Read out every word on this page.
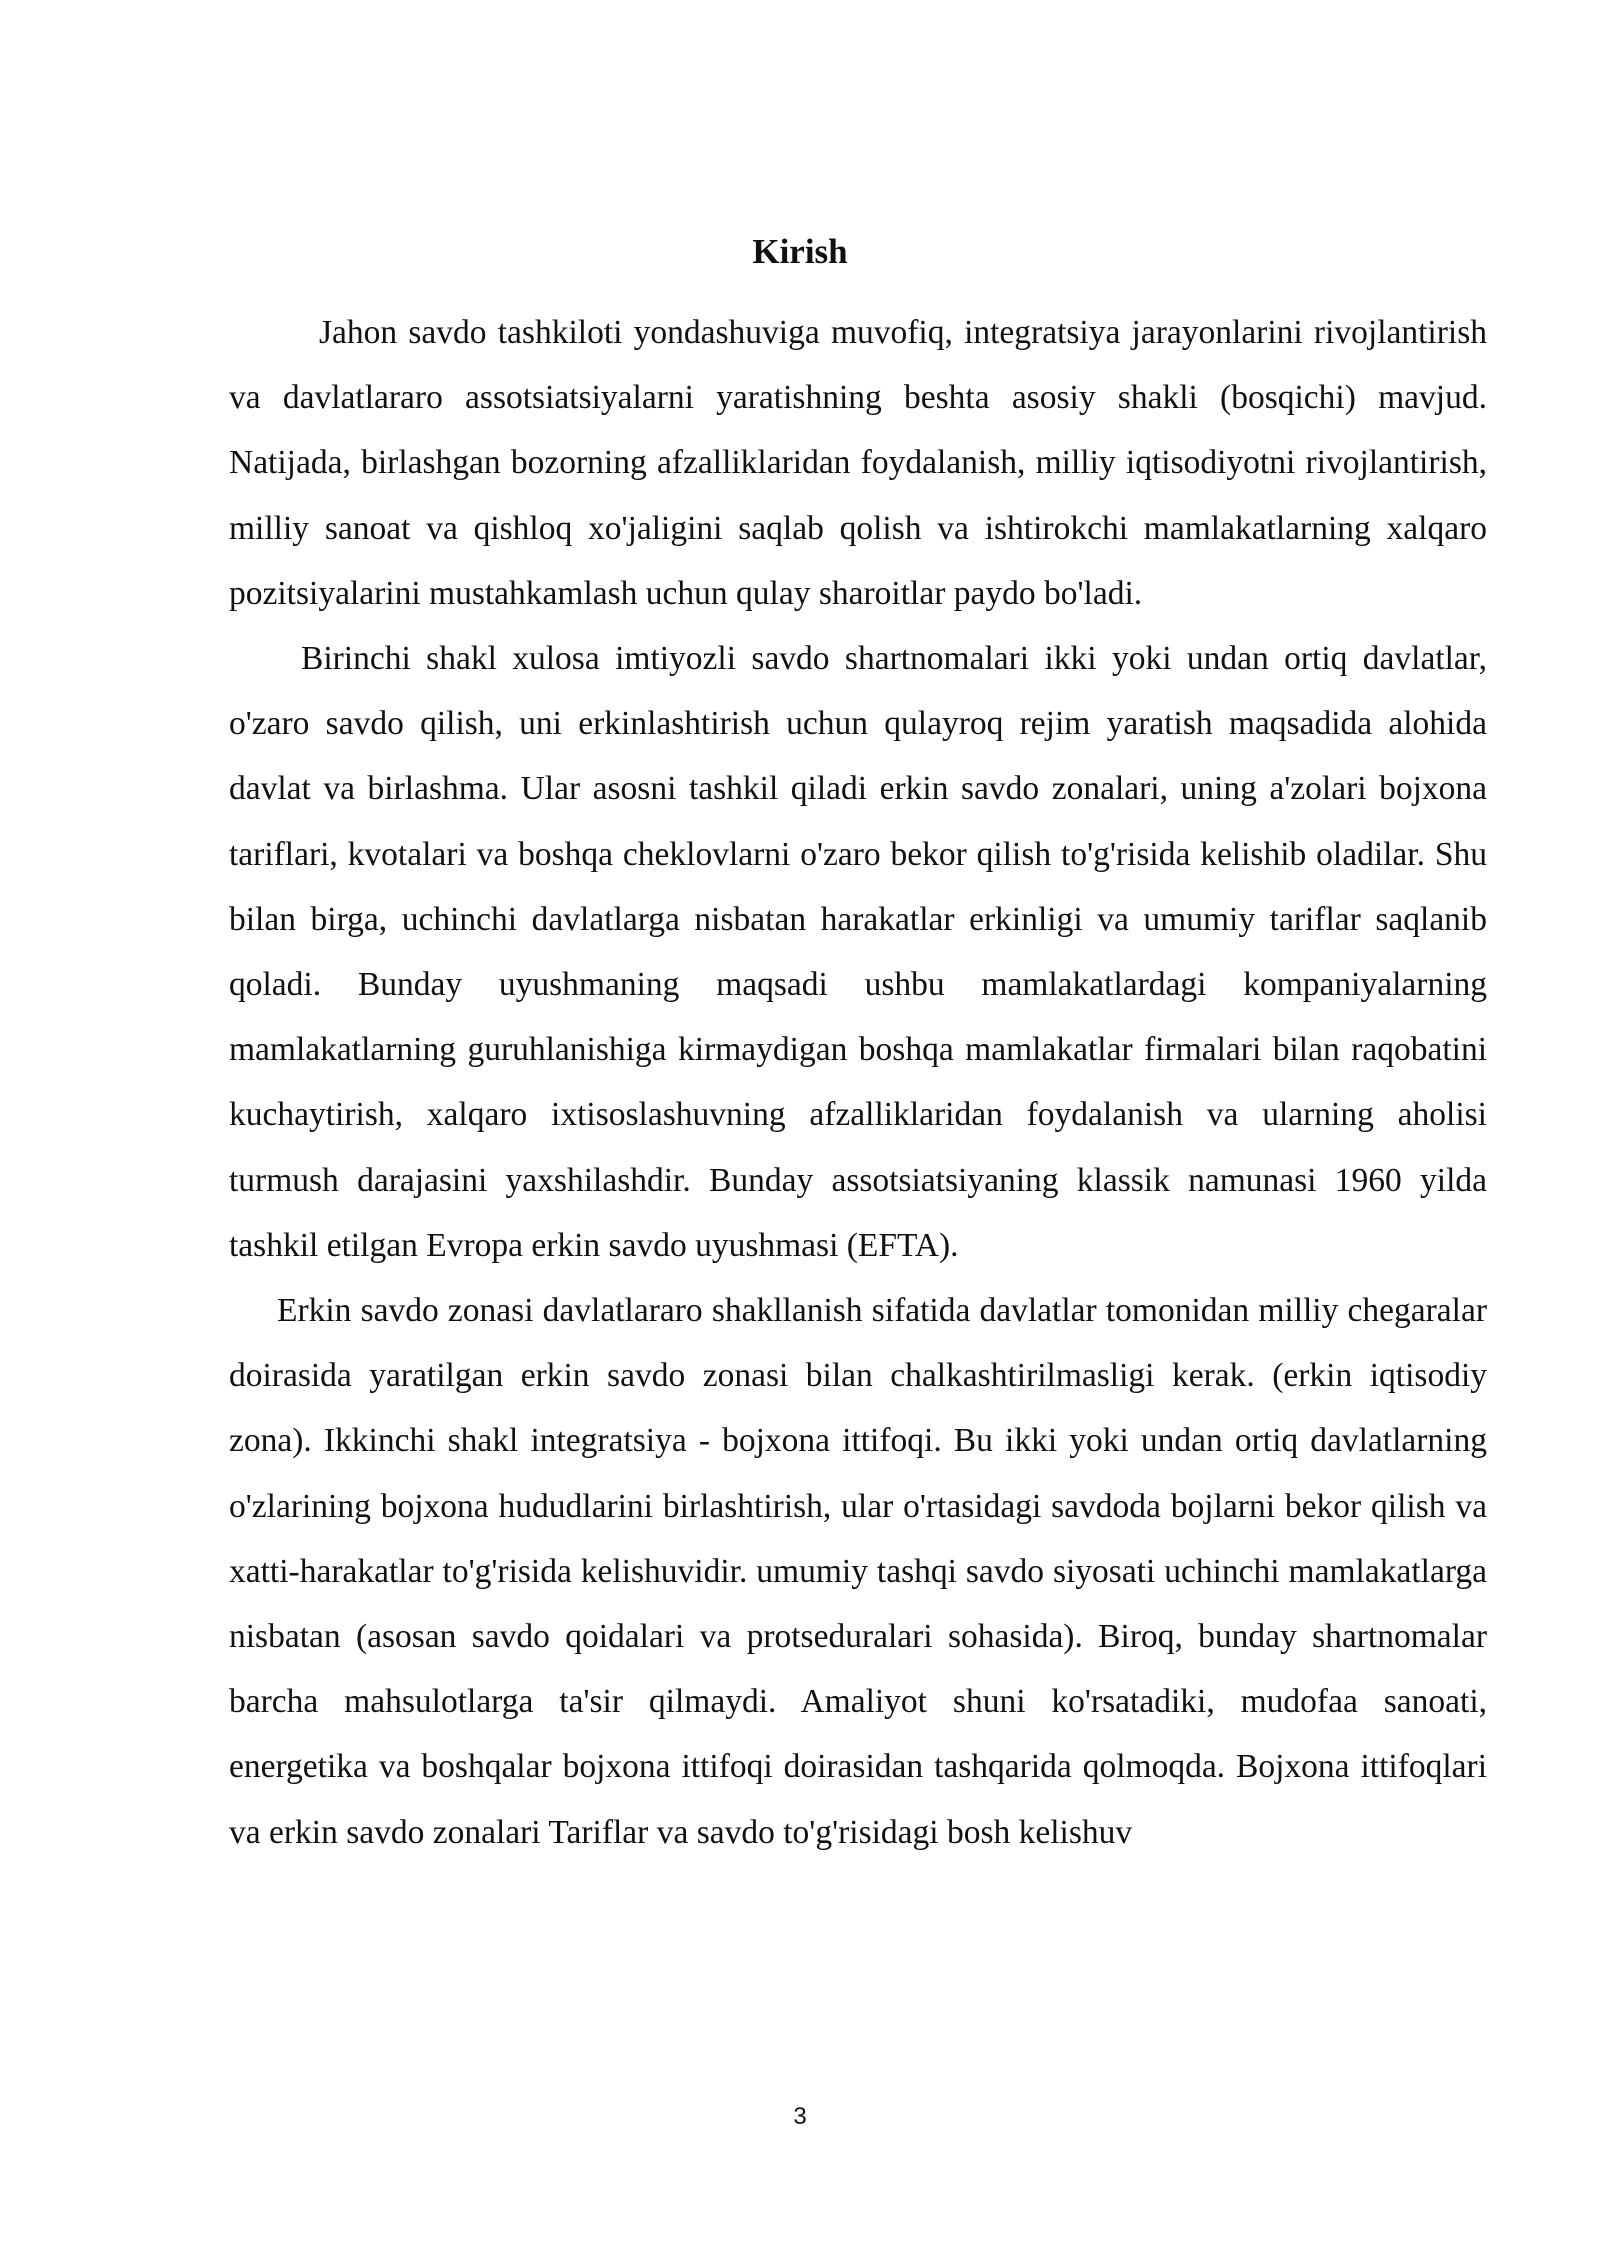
Kirish

Jahon savdo tashkiloti yondashuviga muvofiq, integratsiya jarayonlarini rivojlantirish va davlatlararo assotsiatsiyalarni yaratishning beshta asosiy shakli (bosqichi) mavjud. Natijada, birlashgan bozorning afzalliklaridan foydalanish, milliy iqtisodiyotni rivojlantirish, milliy sanoat va qishloq xo'jaligini saqlab qolish va ishtirokchi mamlakatlarning xalqaro pozitsiyalarini mustahkamlash uchun qulay sharoitlar paydo bo'ladi.

Birinchi shakl xulosa imtiyozli savdo shartnomalari ikki yoki undan ortiq davlatlar, o'zaro savdo qilish, uni erkinlashtirish uchun qulayroq rejim yaratish maqsadida alohida davlat va birlashma. Ular asosni tashkil qiladi erkin savdo zonalari, uning a'zolari bojxona tariflari, kvotalari va boshqa cheklovlarni o'zaro bekor qilish to'g'risida kelishib oladilar. Shu bilan birga, uchinchi davlatlarga nisbatan harakatlar erkinligi va umumiy tariflar saqlanib qoladi. Bunday uyushmaning maqsadi ushbu mamlakatlardagi kompaniyalarning mamlakatlarning guruhlanishiga kirmaydigan boshqa mamlakatlar firmalari bilan raqobatini kuchaytirish, xalqaro ixtisoslashuvning afzalliklaridan foydalanish va ularning aholisi turmush darajasini yaxshilashdir. Bunday assotsiatsiyaning klassik namunasi 1960 yilda tashkil etilgan Evropa erkin savdo uyushmasi (EFTA).

Erkin savdo zonasi davlatlararo shakllanish sifatida davlatlar tomonidan milliy chegaralar doirasida yaratilgan erkin savdo zonasi bilan chalkashtirilmasligi kerak. (erkin iqtisodiy zona). Ikkinchi shakl integratsiya - bojxona ittifoqi. Bu ikki yoki undan ortiq davlatlarning o'zlarining bojxona hududlarini birlashtirish, ular o'rtasidagi savdoda bojlarni bekor qilish va xatti-harakatlar to'g'risida kelishuvidir. umumiy tashqi savdo siyosati uchinchi mamlakatlarga nisbatan (asosan savdo qoidalari va protseduralari sohasida). Biroq, bunday shartnomalar barcha mahsulotlarga ta'sir qilmaydi. Amaliyot shuni ko'rsatadiki, mudofaa sanoati, energetika va boshqalar bojxona ittifoqi doirasidan tashqarida qolmoqda. Bojxona ittifoqlari va erkin savdo zonalari Tariflar va savdo to'g'risidagi bosh kelishuv

3
